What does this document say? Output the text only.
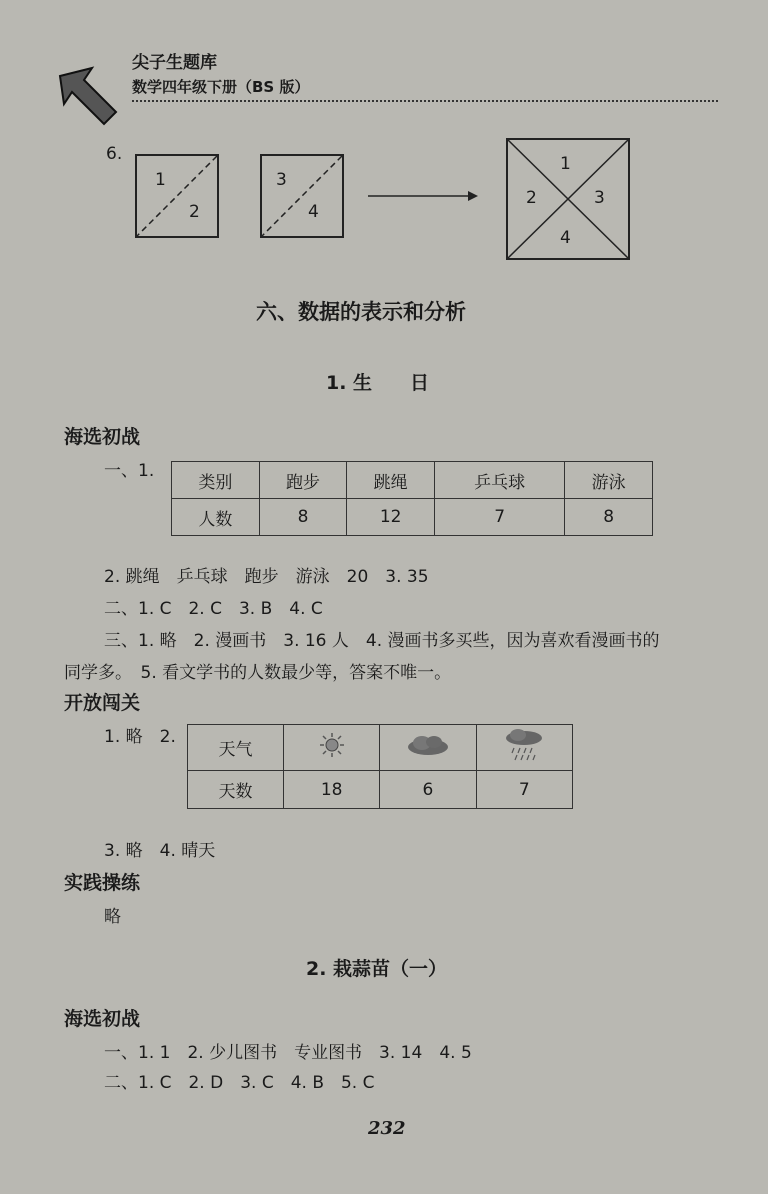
尖子生题库
数学四年级下册（BS 版）
6.
1
2
3
4
1
2	3
4
六、数据的表示和分析
1. 生　　日
海选初战
一、1.
类别	跑步	跳绳	乒乓球	游泳
人数	8	12	7	8
2. 跳绳　乒乓球　跑步　游泳　20　3. 35
二、1. C　2. C　3. B　4. C
三、1. 略　2. 漫画书　3. 16 人　4. 漫画书多买些，因为喜欢看漫画书的
同学多。　5. 看文学书的人数最少等，答案不唯一。
开放闯关
1. 略　2.
天气			
天数	18	6	7
3. 略　4. 晴天
实践操练
略
2. 栽蒜苗（一）
海选初战
一、1. 1　2. 少儿图书　专业图书　3. 14　4. 5
二、1. C　2. D　3. C　4. B　5. C
232
